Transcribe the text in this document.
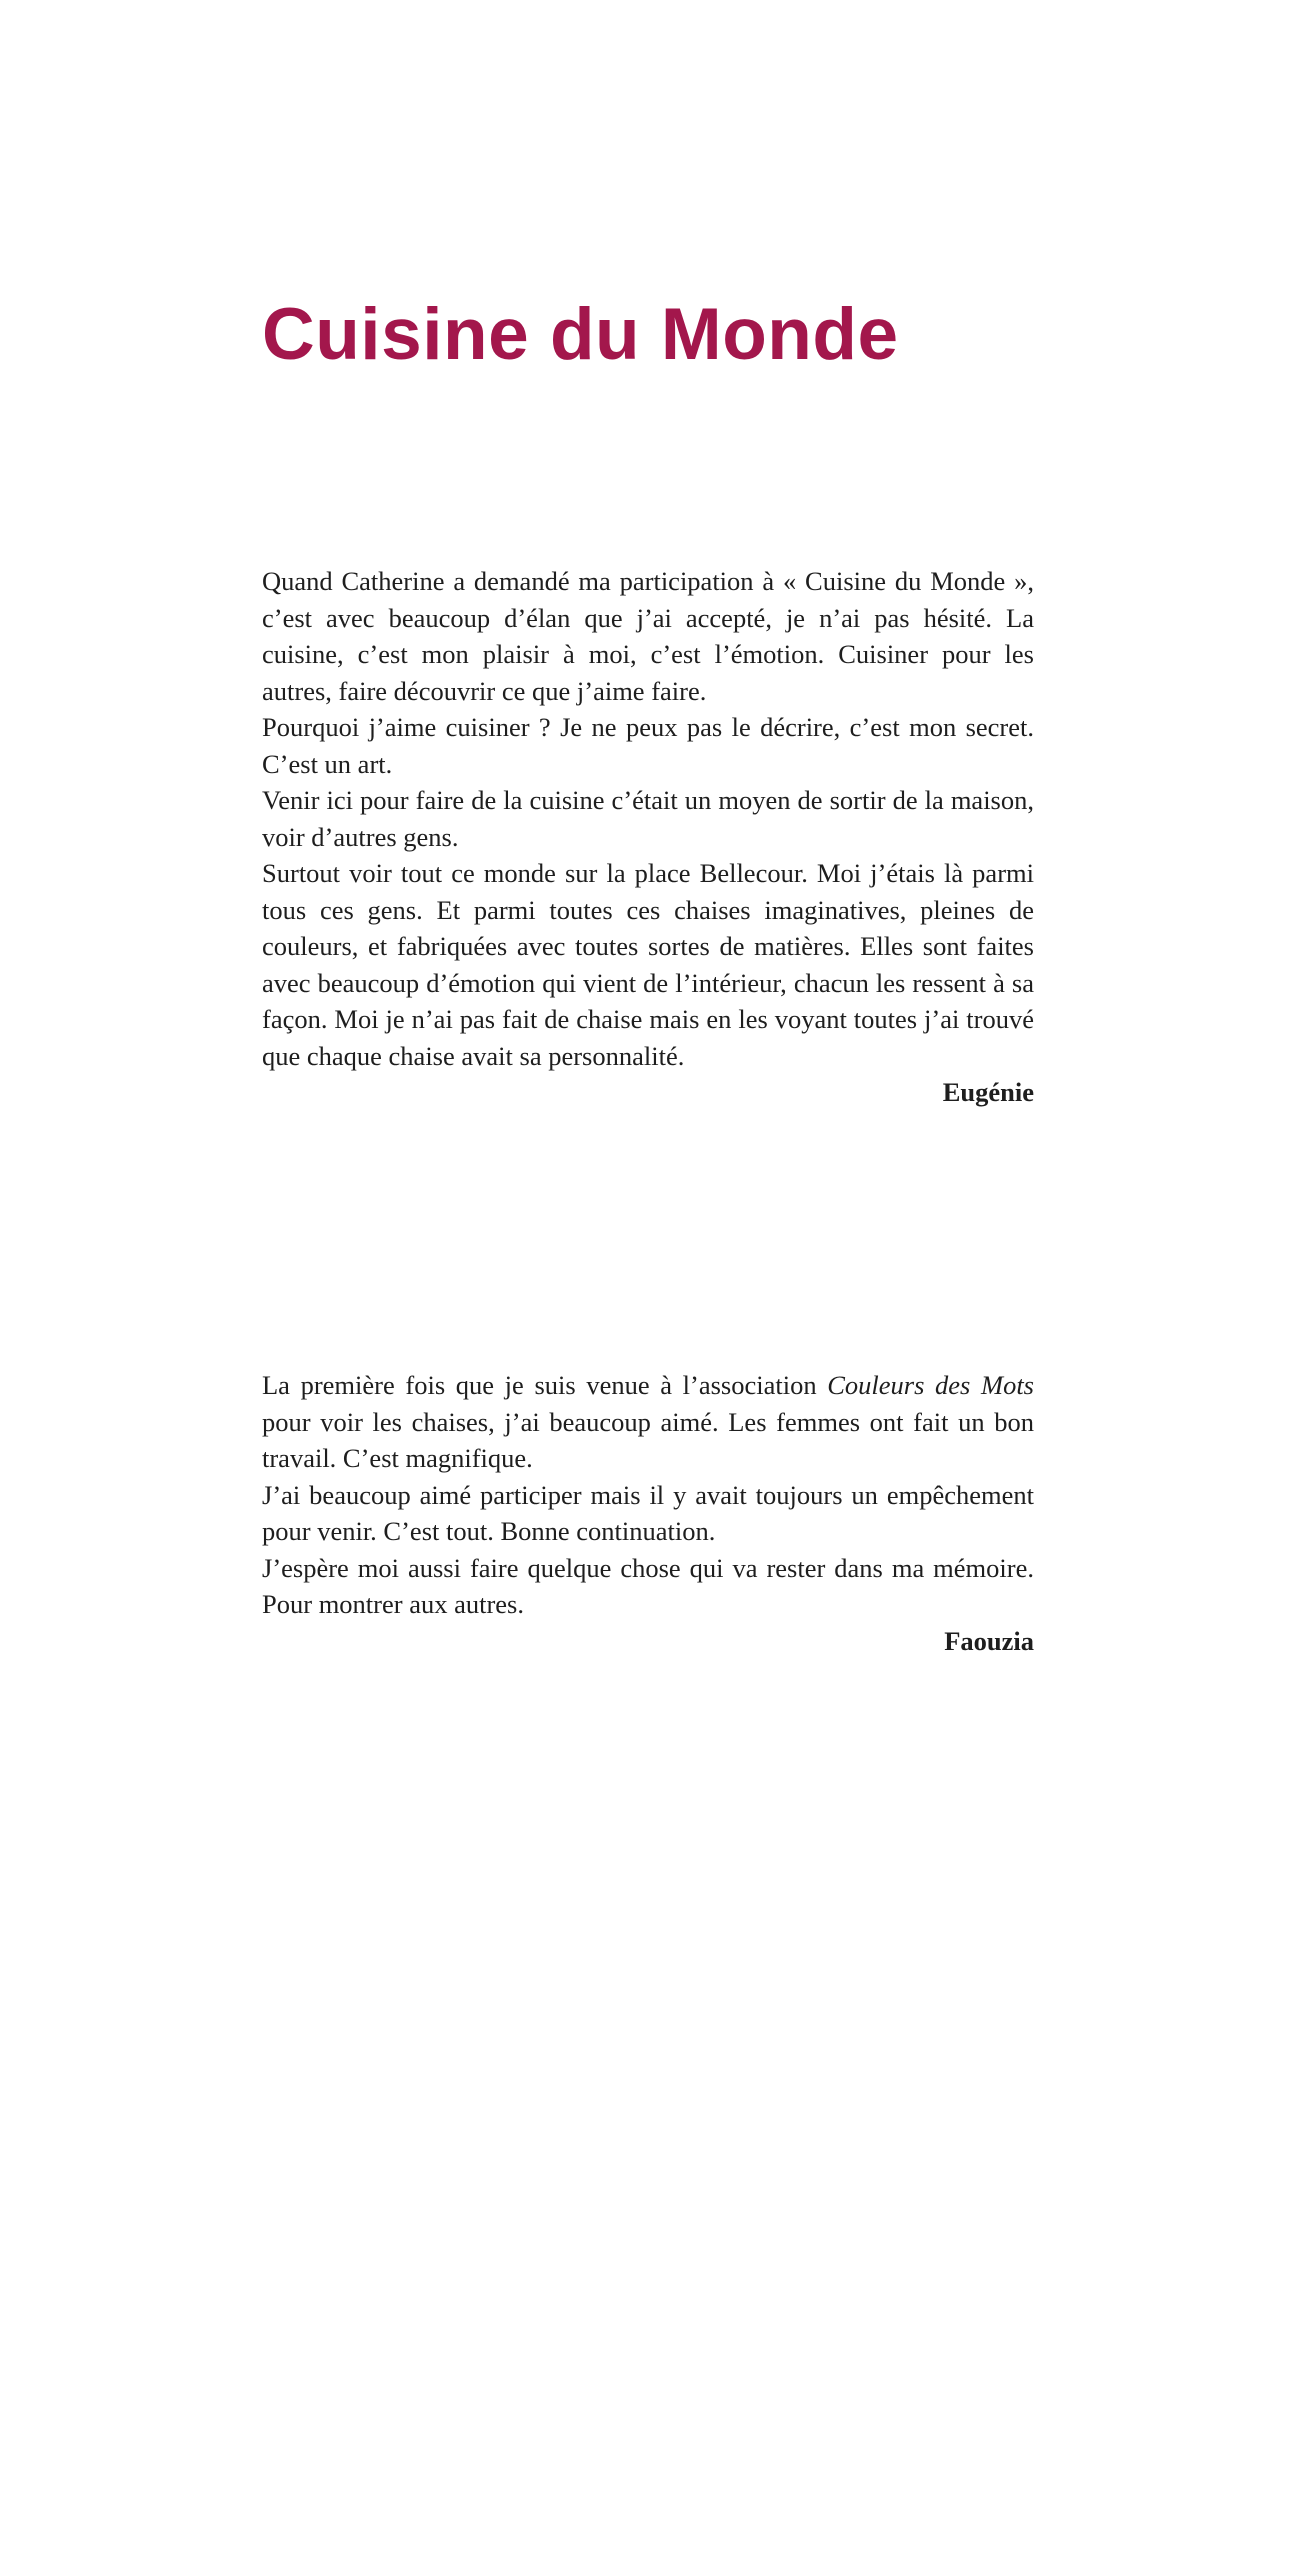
Cuisine du Monde

Quand Catherine a demandé ma participation à « Cuisine du Monde », c’est avec beaucoup d’élan que j’ai accepté, je n’ai pas hésité. La cuisine, c’est mon plaisir à moi, c’est l’émotion. Cuisiner pour les autres, faire découvrir ce que j’aime faire.

Pourquoi j’aime cuisiner ? Je ne peux pas le décrire, c’est mon secret. C’est un art.

Venir ici pour faire de la cuisine c’était un moyen de sortir de la maison, voir d’autres gens.

Surtout voir tout ce monde sur la place Bellecour. Moi j’étais là parmi tous ces gens. Et parmi toutes ces chaises imaginatives, pleines de couleurs, et fabriquées avec toutes sortes de matières. Elles sont faites avec beaucoup d’émotion qui vient de l’intérieur, chacun les ressent à sa façon. Moi je n’ai pas fait de chaise mais en les voyant toutes j’ai trouvé que chaque chaise avait sa personnalité.

Eugénie

La première fois que je suis venue à l’association Couleurs des Mots pour voir les chaises, j’ai beaucoup aimé. Les femmes ont fait un bon travail. C’est magnifique.

J’ai beaucoup aimé participer mais il y avait toujours un empêchement pour venir. C’est tout. Bonne continuation.

J’espère moi aussi faire quelque chose qui va rester dans ma mémoire. Pour montrer aux autres.

Faouzia
